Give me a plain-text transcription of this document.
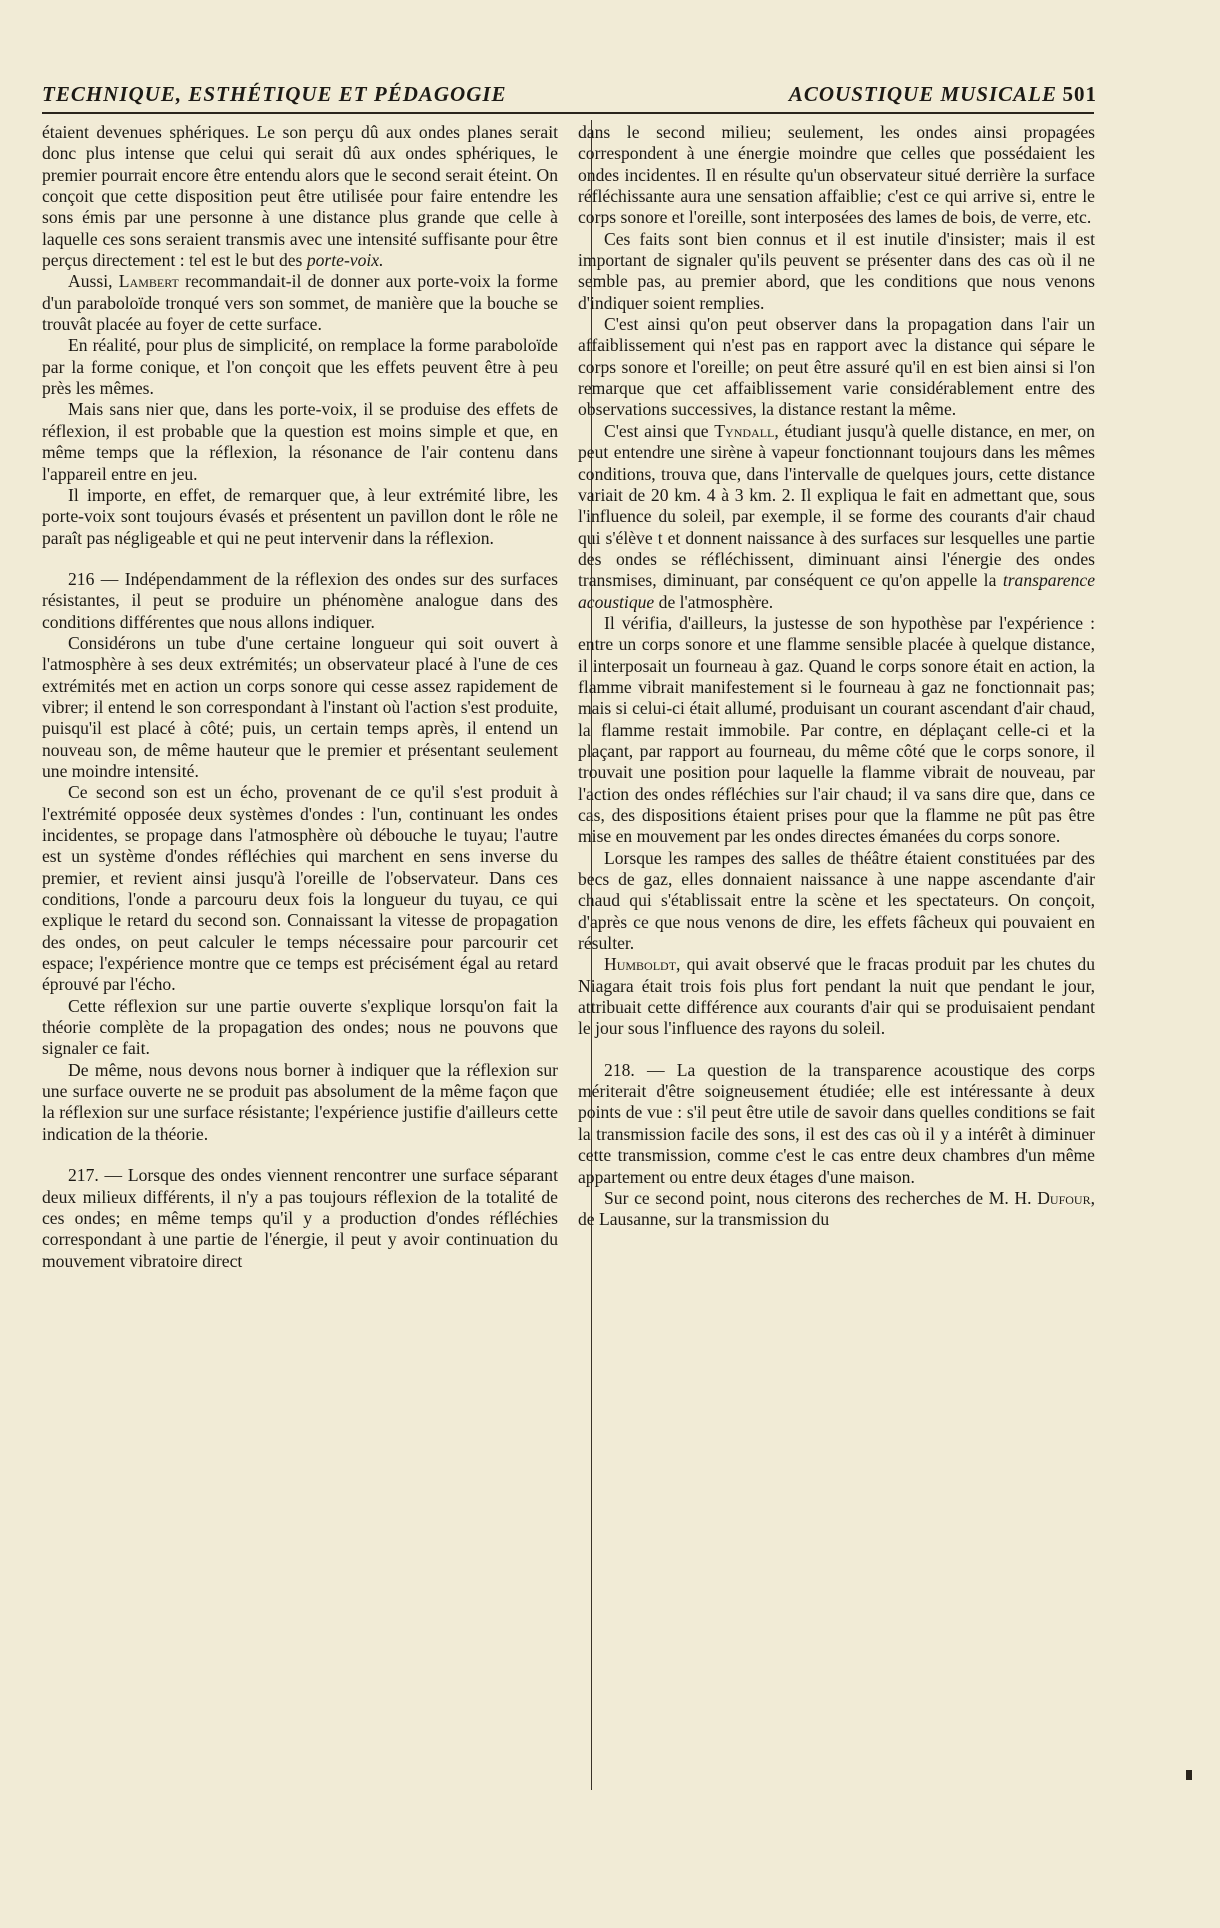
TECHNIQUE, ESTHÉTIQUE ET PÉDAGOGIE	ACOUSTIQUE MUSICALE 501

étaient devenues sphériques. Le son perçu dû aux ondes planes serait donc plus intense que celui qui serait dû aux ondes sphériques, le premier pourrait encore être entendu alors que le second serait éteint. On conçoit que cette disposition peut être utilisée pour faire entendre les sons émis par une personne à une distance plus grande que celle à laquelle ces sons seraient transmis avec une intensité suffisante pour être perçus directement : tel est le but des porte-voix.

Aussi, Lambert recommandait-il de donner aux porte-voix la forme d'un paraboloïde tronqué vers son sommet, de manière que la bouche se trouvât placée au foyer de cette surface.

En réalité, pour plus de simplicité, on remplace la forme paraboloïde par la forme conique, et l'on conçoit que les effets peuvent être à peu près les mêmes.

Mais sans nier que, dans les porte-voix, il se produise des effets de réflexion, il est probable que la question est moins simple et que, en même temps que la réflexion, la résonance de l'air contenu dans l'appareil entre en jeu.

Il importe, en effet, de remarquer que, à leur extrémité libre, les porte-voix sont toujours évasés et présentent un pavillon dont le rôle ne paraît pas négligeable et qui ne peut intervenir dans la réflexion.

216 — Indépendamment de la réflexion des ondes sur des surfaces résistantes, il peut se produire un phénomène analogue dans des conditions différentes que nous allons indiquer.

Considérons un tube d'une certaine longueur qui soit ouvert à l'atmosphère à ses deux extrémités; un observateur placé à l'une de ces extrémités met en action un corps sonore qui cesse assez rapidement de vibrer; il entend le son correspondant à l'instant où l'action s'est produite, puisqu'il est placé à côté; puis, un certain temps après, il entend un nouveau son, de même hauteur que le premier et présentant seulement une moindre intensité.

Ce second son est un écho, provenant de ce qu'il s'est produit à l'extrémité opposée deux systèmes d'ondes : l'un, continuant les ondes incidentes, se propage dans l'atmosphère où débouche le tuyau; l'autre est un système d'ondes réfléchies qui marchent en sens inverse du premier, et revient ainsi jusqu'à l'oreille de l'observateur. Dans ces conditions, l'onde a parcouru deux fois la longueur du tuyau, ce qui explique le retard du second son. Connaissant la vitesse de propagation des ondes, on peut calculer le temps nécessaire pour parcourir cet espace; l'expérience montre que ce temps est précisément égal au retard éprouvé par l'écho.

Cette réflexion sur une partie ouverte s'explique lorsqu'on fait la théorie complète de la propagation des ondes; nous ne pouvons que signaler ce fait.

De même, nous devons nous borner à indiquer que la réflexion sur une surface ouverte ne se produit pas absolument de la même façon que la réflexion sur une surface résistante; l'expérience justifie d'ailleurs cette indication de la théorie.

217. — Lorsque des ondes viennent rencontrer une surface séparant deux milieux différents, il n'y a pas toujours réflexion de la totalité de ces ondes; en même temps qu'il y a production d'ondes réfléchies correspondant à une partie de l'énergie, il peut y avoir continuation du mouvement vibratoire direct

dans le second milieu; seulement, les ondes ainsi propagées correspondent à une énergie moindre que celles que possédaient les ondes incidentes. Il en résulte qu'un observateur situé derrière la surface réfléchissante aura une sensation affaiblie; c'est ce qui arrive si, entre le corps sonore et l'oreille, sont interposées des lames de bois, de verre, etc.

Ces faits sont bien connus et il est inutile d'insister; mais il est important de signaler qu'ils peuvent se présenter dans des cas où il ne semble pas, au premier abord, que les conditions que nous venons d'indiquer soient remplies.

C'est ainsi qu'on peut observer dans la propagation dans l'air un affaiblissement qui n'est pas en rapport avec la distance qui sépare le corps sonore et l'oreille; on peut être assuré qu'il en est bien ainsi si l'on remarque que cet affaiblissement varie considérablement entre des observations successives, la distance restant la même.

C'est ainsi que Tyndall, étudiant jusqu'à quelle distance, en mer, on peut entendre une sirène à vapeur fonctionnant toujours dans les mêmes conditions, trouva que, dans l'intervalle de quelques jours, cette distance variait de 20 km. 4 à 3 km. 2. Il expliqua le fait en admettant que, sous l'influence du soleil, par exemple, il se forme des courants d'air chaud qui s'élève t et donnent naissance à des surfaces sur lesquelles une partie des ondes se réfléchissent, diminuant ainsi l'énergie des ondes transmises, diminuant, par conséquent ce qu'on appelle la transparence acoustique de l'atmosphère.

Il vérifia, d'ailleurs, la justesse de son hypothèse par l'expérience : entre un corps sonore et une flamme sensible placée à quelque distance, il interposait un fourneau à gaz. Quand le corps sonore était en action, la flamme vibrait manifestement si le fourneau à gaz ne fonctionnait pas; mais si celui-ci était allumé, produisant un courant ascendant d'air chaud, la flamme restait immobile. Par contre, en déplaçant celle-ci et la plaçant, par rapport au fourneau, du même côté que le corps sonore, il trouvait une position pour laquelle la flamme vibrait de nouveau, par l'action des ondes réfléchies sur l'air chaud; il va sans dire que, dans ce cas, des dispositions étaient prises pour que la flamme ne pût pas être mise en mouvement par les ondes directes émanées du corps sonore.

Lorsque les rampes des salles de théâtre étaient constituées par des becs de gaz, elles donnaient naissance à une nappe ascendante d'air chaud qui s'établissait entre la scène et les spectateurs. On conçoit, d'après ce que nous venons de dire, les effets fâcheux qui pouvaient en résulter.

Humboldt, qui avait observé que le fracas produit par les chutes du Niagara était trois fois plus fort pendant la nuit que pendant le jour, attribuait cette différence aux courants d'air qui se produisaient pendant le jour sous l'influence des rayons du soleil.

218. — La question de la transparence acoustique des corps mériterait d'être soigneusement étudiée; elle est intéressante à deux points de vue : s'il peut être utile de savoir dans quelles conditions se fait la transmission facile des sons, il est des cas où il y a intérêt à diminuer cette transmission, comme c'est le cas entre deux chambres d'un même appartement ou entre deux étages d'une maison.

Sur ce second point, nous citerons des recherches de M. H. Dufour, de Lausanne, sur la transmission du
